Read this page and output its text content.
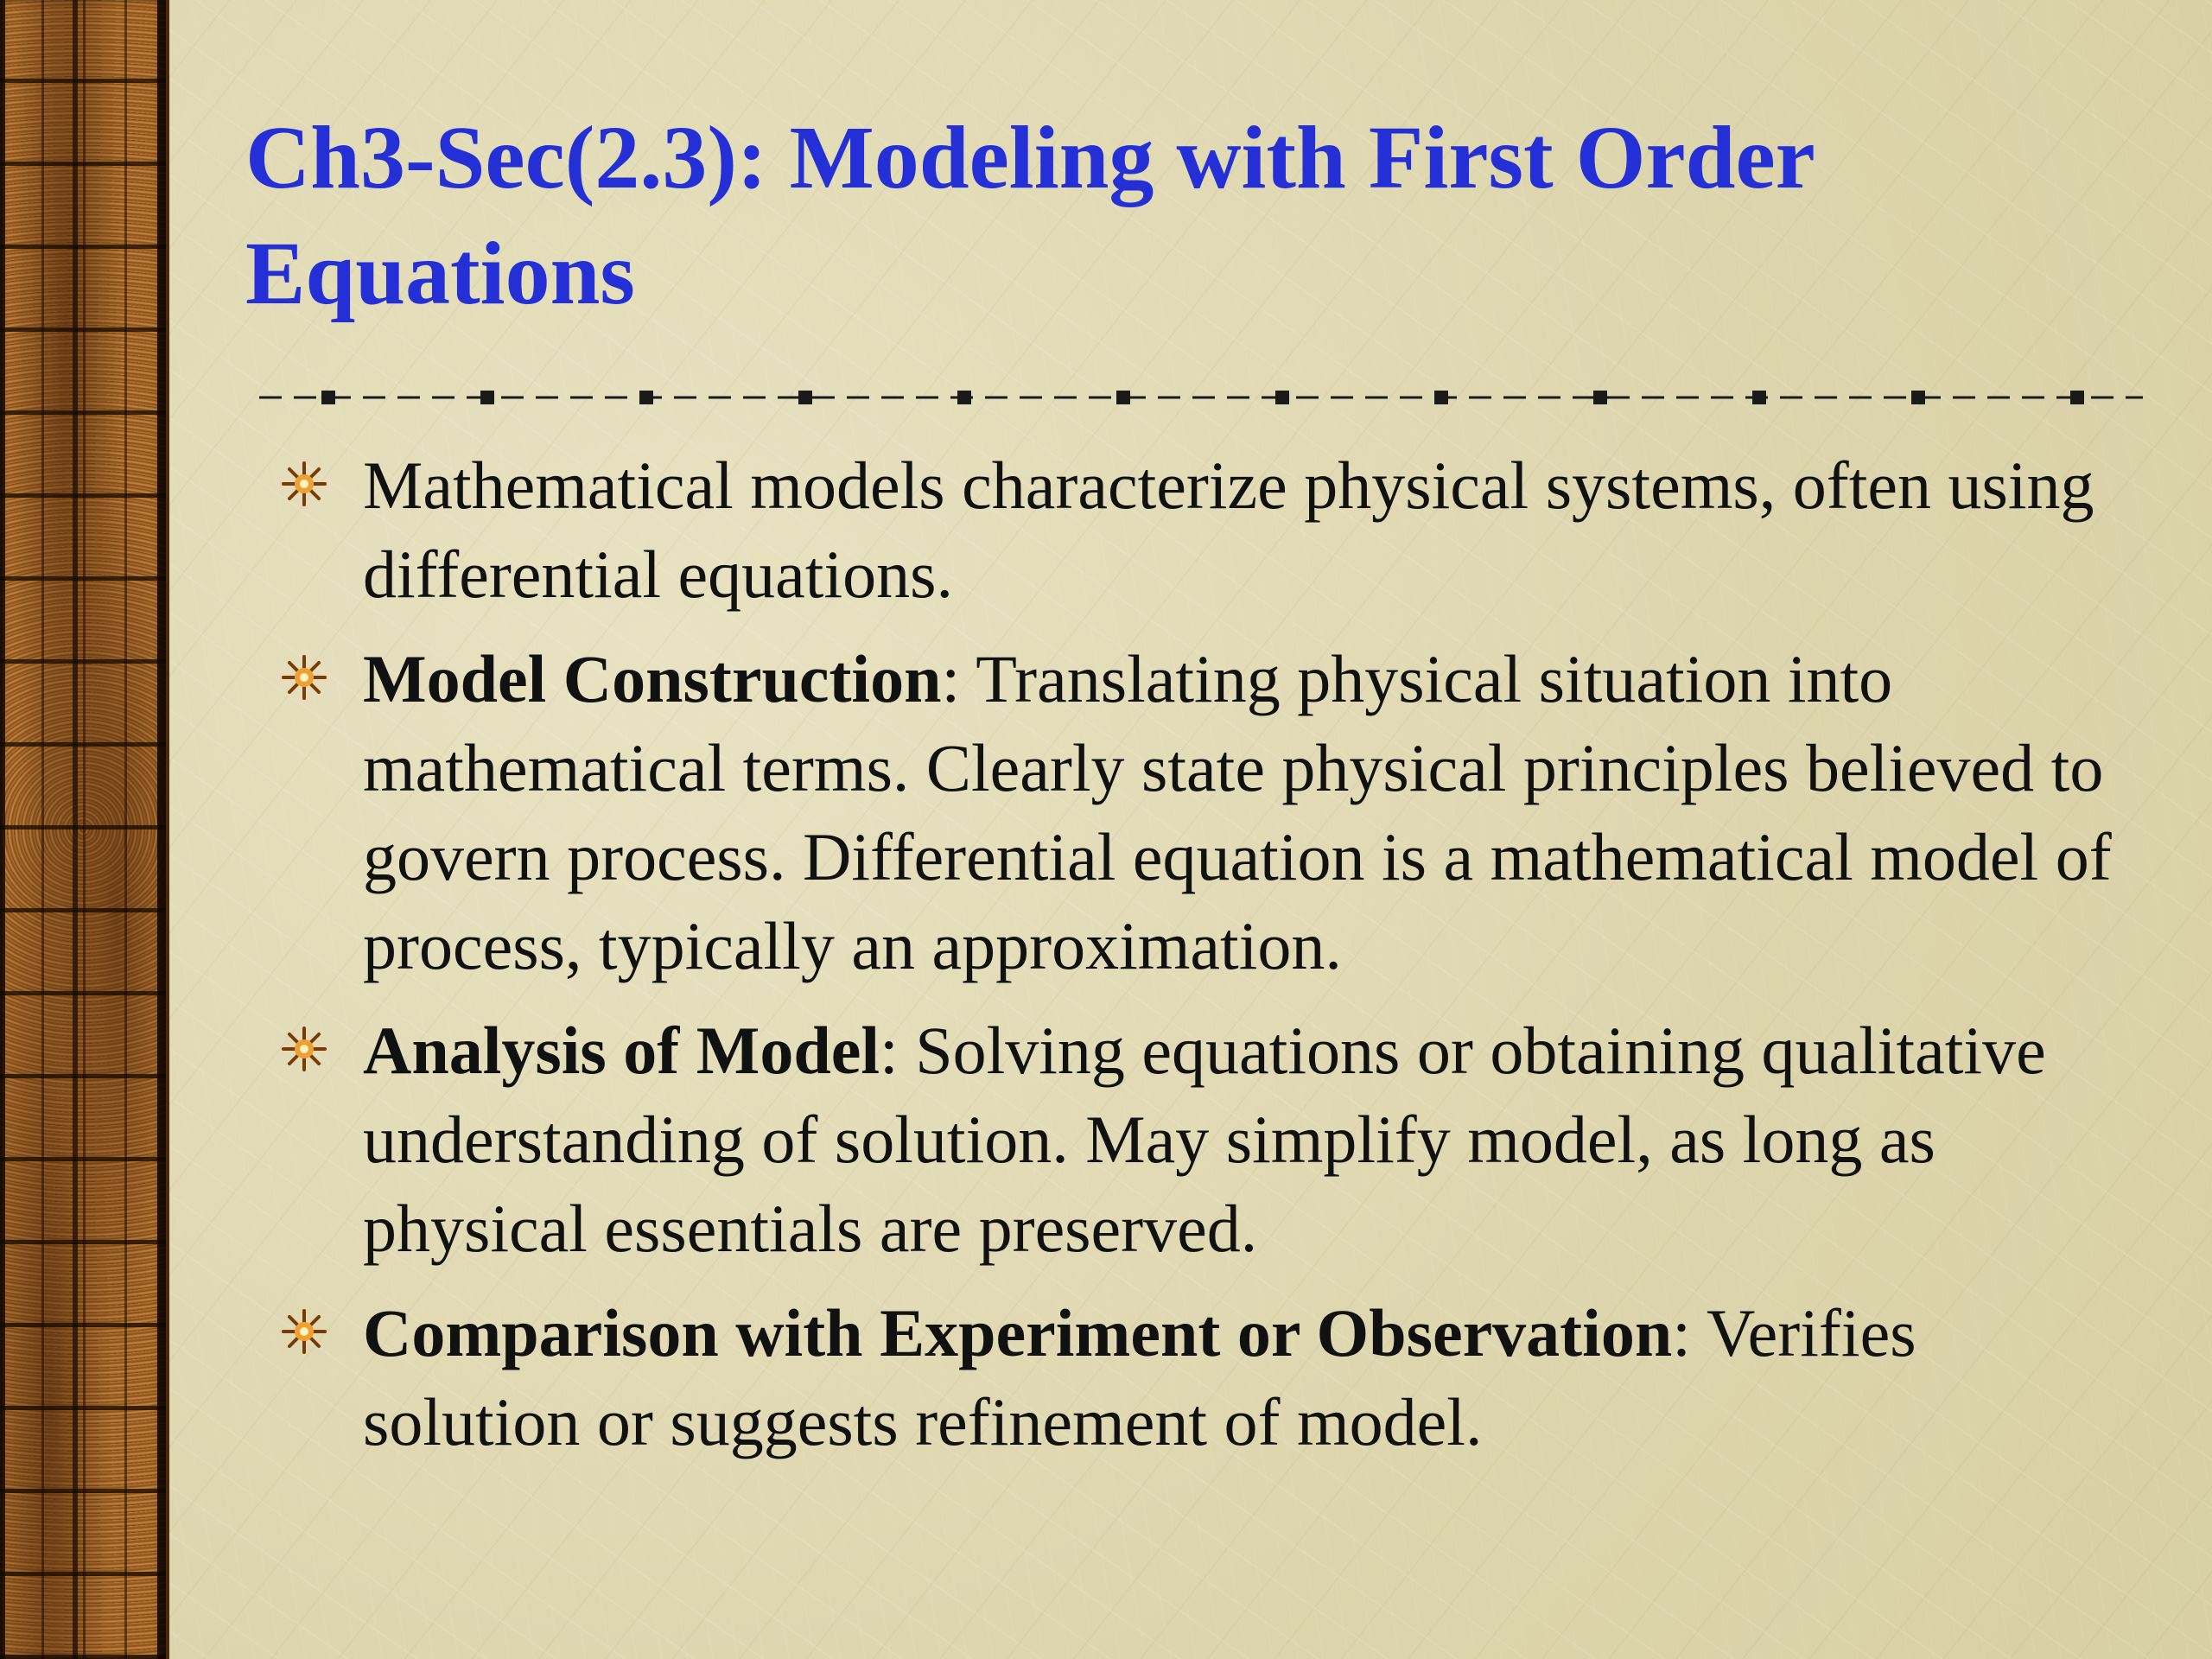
Ch3-Sec(2.3): Modeling with First Order Equations
Mathematical models characterize physical systems, often using differential equations.
Model Construction: Translating physical situation into mathematical terms. Clearly state physical principles believed to govern process. Differential equation is a mathematical model of process, typically an approximation.
Analysis of Model: Solving equations or obtaining qualitative understanding of solution. May simplify model, as long as physical essentials are preserved.
Comparison with Experiment or Observation: Verifies solution or suggests refinement of model.
